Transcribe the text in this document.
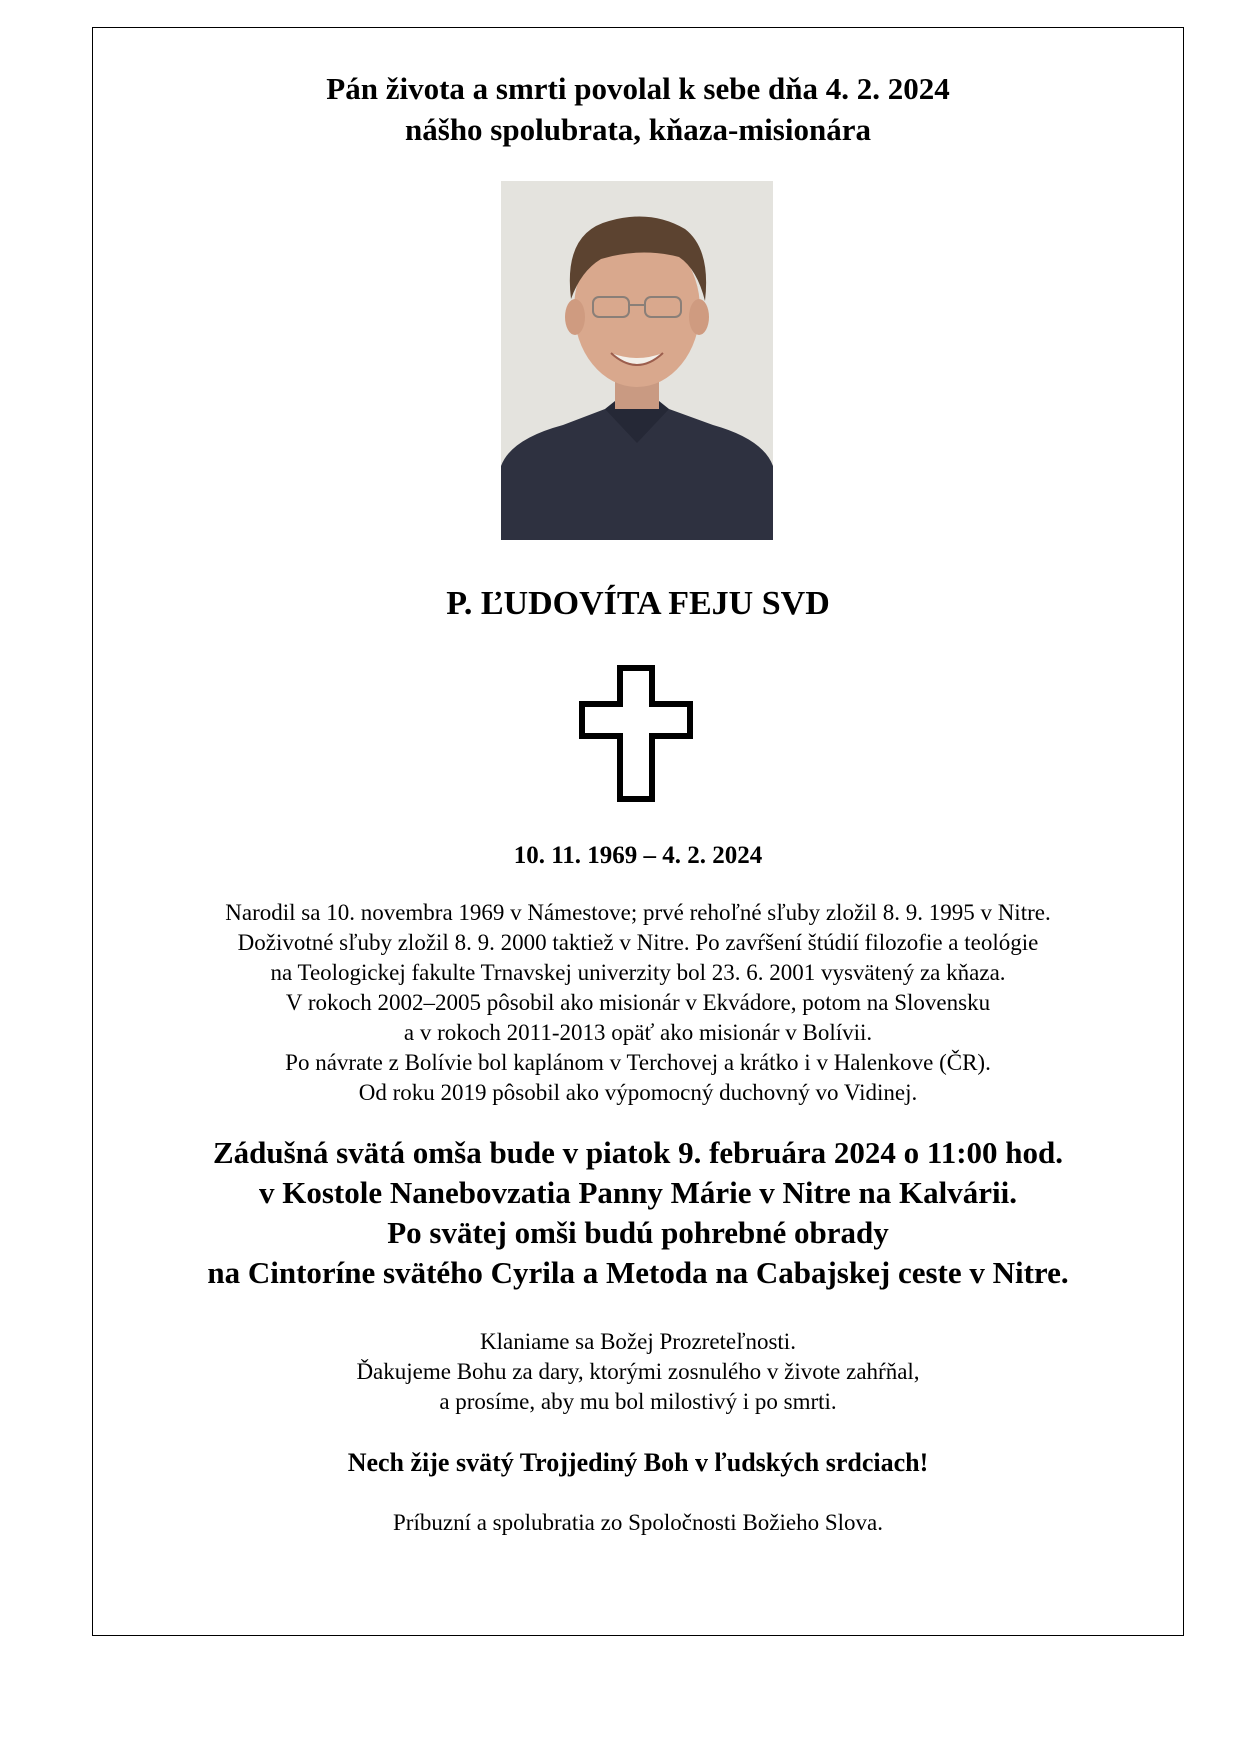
Pán života a smrti povolal k sebe dňa 4. 2. 2024
nášho spolubrata, kňaza-misionára
P. ĽUDOVÍTA FEJU SVD
10. 11. 1969 – 4. 2. 2024
Narodil sa 10. novembra 1969 v Námestove; prvé rehoľné sľuby zložil 8. 9. 1995 v Nitre.
Doživotné sľuby zložil 8. 9. 2000 taktiež v Nitre. Po zavŕšení štúdií filozofie a teológie
na Teologickej fakulte Trnavskej univerzity bol 23. 6. 2001 vysvätený za kňaza.
V rokoch 2002–2005 pôsobil ako misionár v Ekvádore, potom na Slovensku
a v rokoch 2011-2013 opäť ako misionár v Bolívii.
Po návrate z Bolívie bol kaplánom v Terchovej a krátko i v Halenkove (ČR).
Od roku 2019 pôsobil ako výpomocný duchovný vo Vidinej.
Zádušná svätá omša bude v piatok 9. februára 2024 o 11:00 hod.
v Kostole Nanebovzatia Panny Márie v Nitre na Kalvárii.
Po svätej omši budú pohrebné obrady
na Cintoríne svätého Cyrila a Metoda na Cabajskej ceste v Nitre.
Klaniame sa Božej Prozreteľnosti.
Ďakujeme Bohu za dary, ktorými zosnulého v živote zahŕňal,
a prosíme, aby mu bol milostivý i po smrti.
Nech žije svätý Trojjediný Boh v ľudských srdciach!
Príbuzní a spolubratia zo Spoločnosti Božieho Slova.
